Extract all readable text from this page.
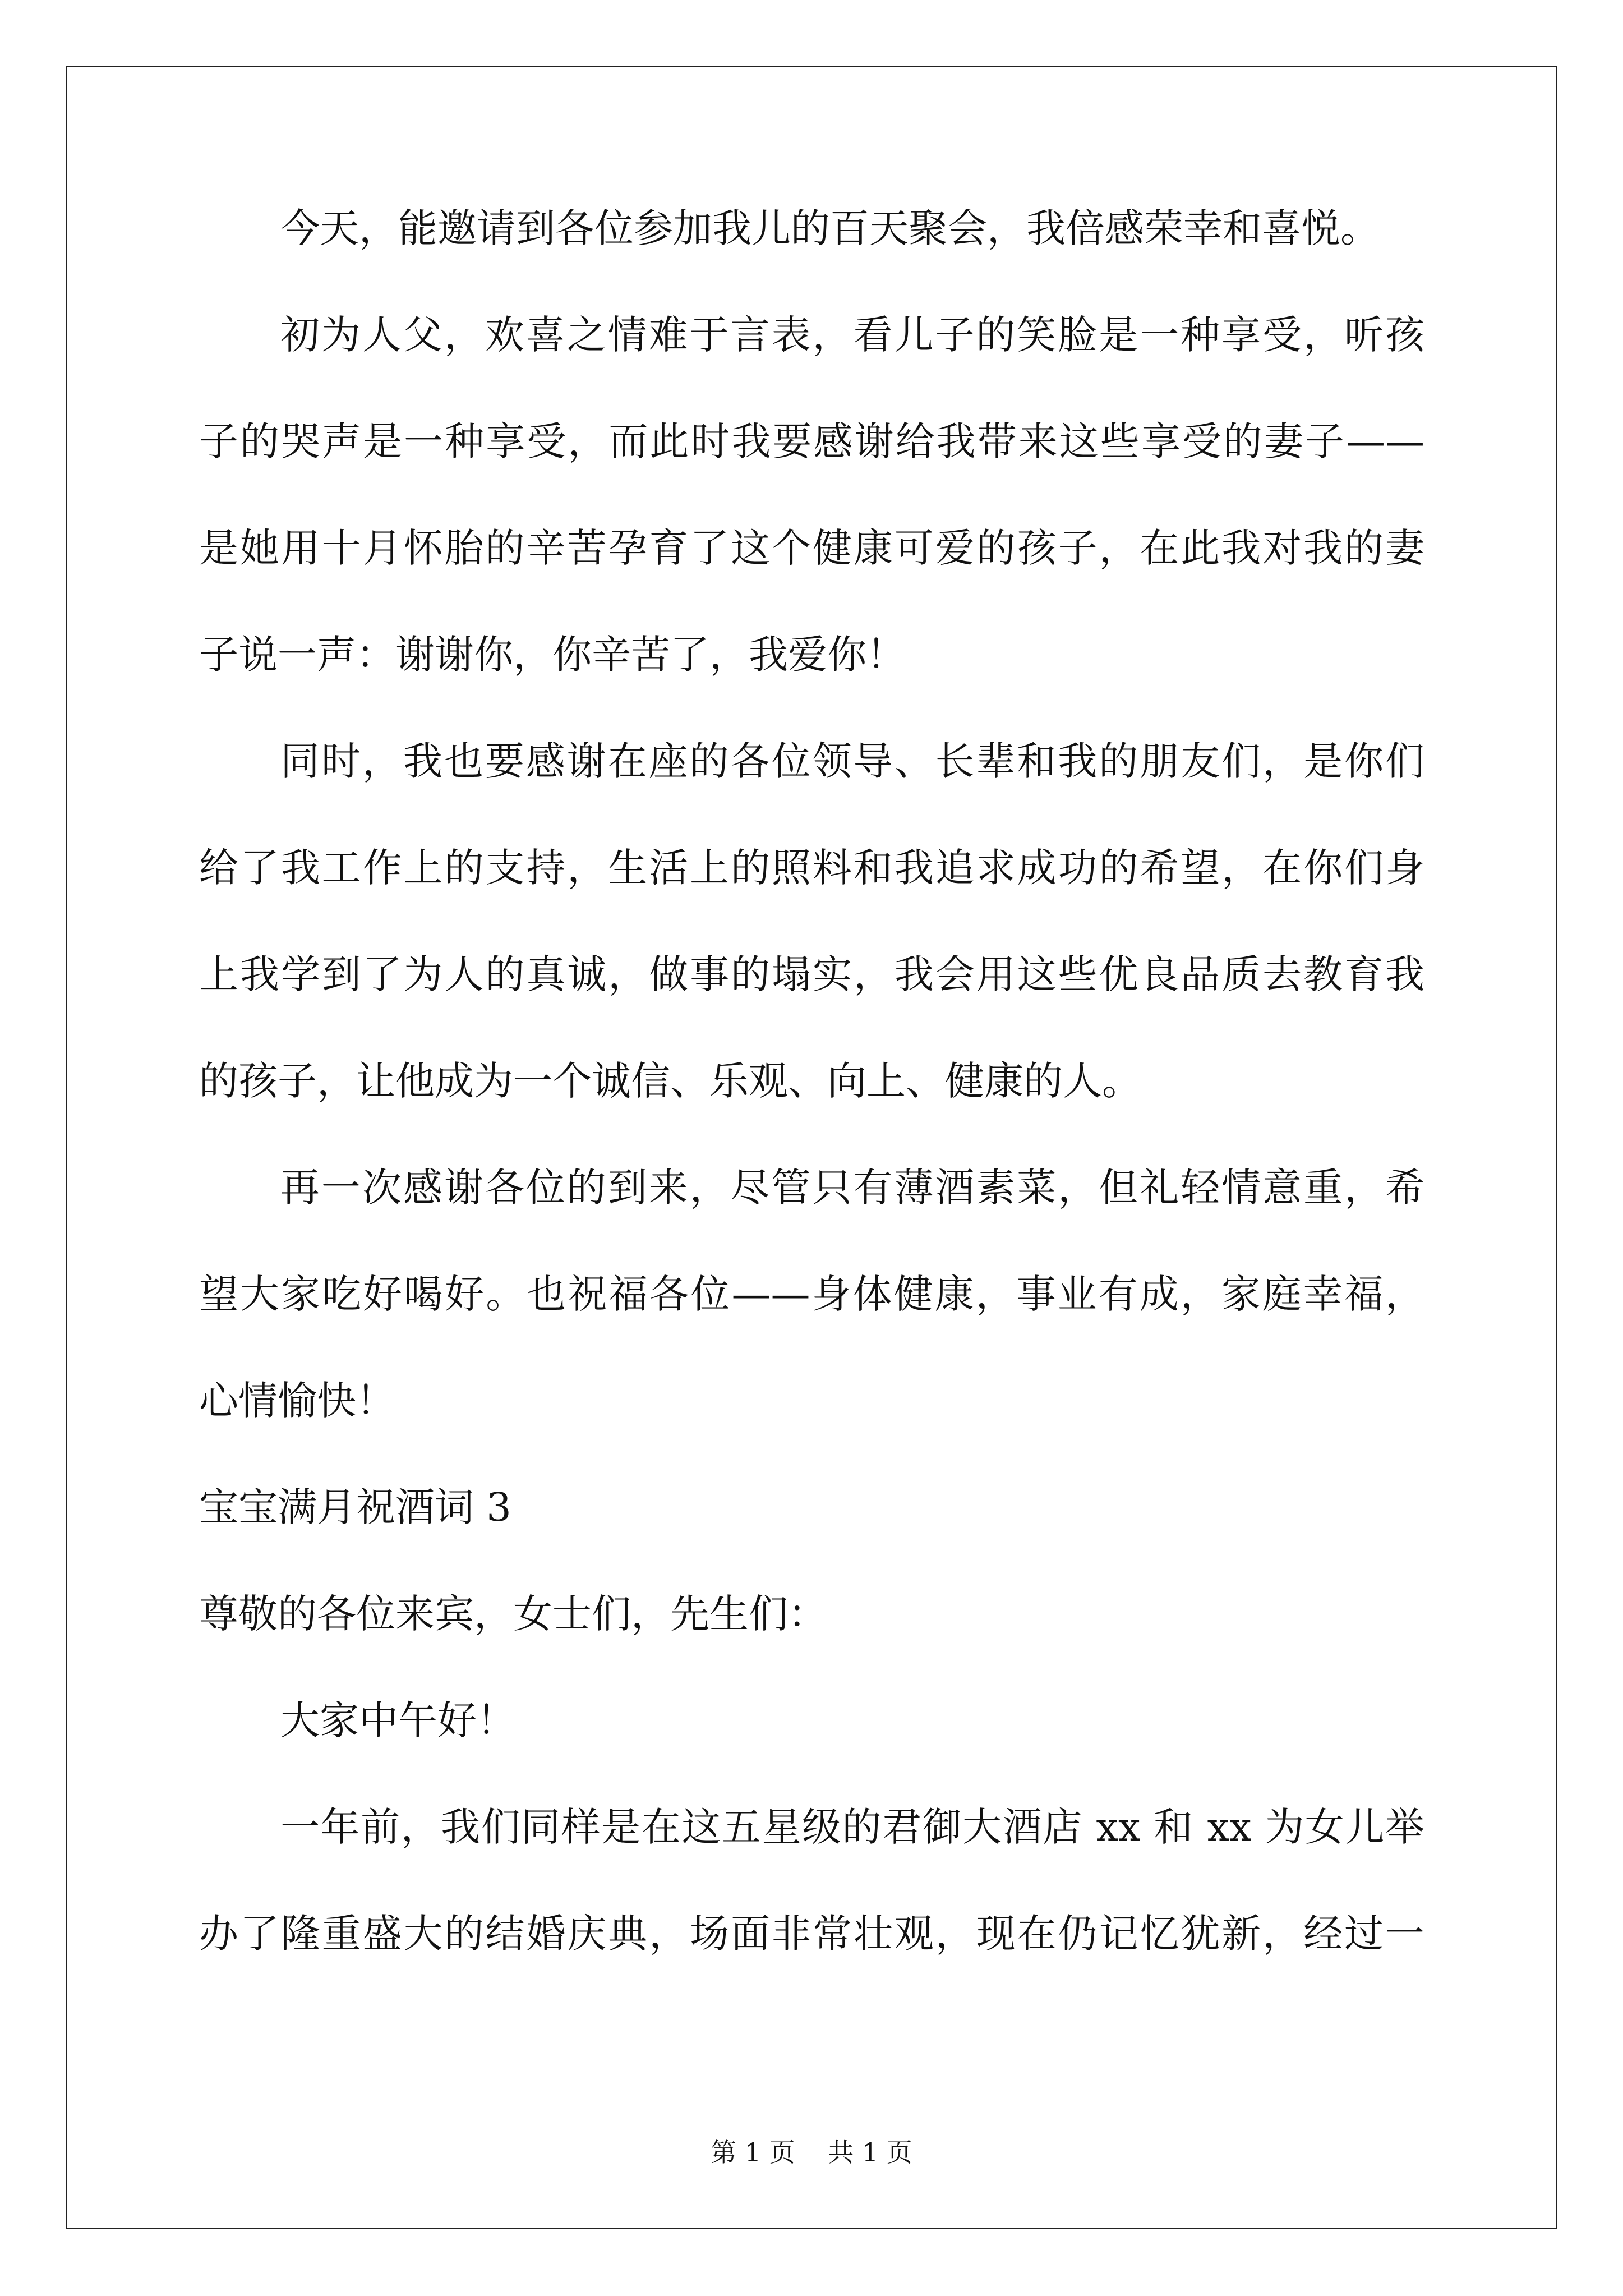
今天，能邀请到各位参加我儿的百天聚会，我倍感荣幸和喜悦。
初为人父，欢喜之情难于言表，看儿子的笑脸是一种享受，听孩
子的哭声是一种享受，而此时我要感谢给我带来这些享受的妻子——
是她用十月怀胎的辛苦孕育了这个健康可爱的孩子，在此我对我的妻
子说一声：谢谢你，你辛苦了，我爱你！
同时，我也要感谢在座的各位领导、长辈和我的朋友们，是你们
给了我工作上的支持，生活上的照料和我追求成功的希望，在你们身
上我学到了为人的真诚，做事的塌实，我会用这些优良品质去教育我
的孩子，让他成为一个诚信、乐观、向上、健康的人。
再一次感谢各位的到来，尽管只有薄酒素菜，但礼轻情意重，希
望大家吃好喝好。也祝福各位——身体健康，事业有成，家庭幸福，
心情愉快！
宝宝满月祝酒词 3
尊敬的各位来宾，女士们，先生们：
大家中午好！
一年前，我们同样是在这五星级的君御大酒店 xx 和 xx 为女儿举
办了隆重盛大的结婚庆典，场面非常壮观，现在仍记忆犹新，经过一
第 1 页    共 1 页
